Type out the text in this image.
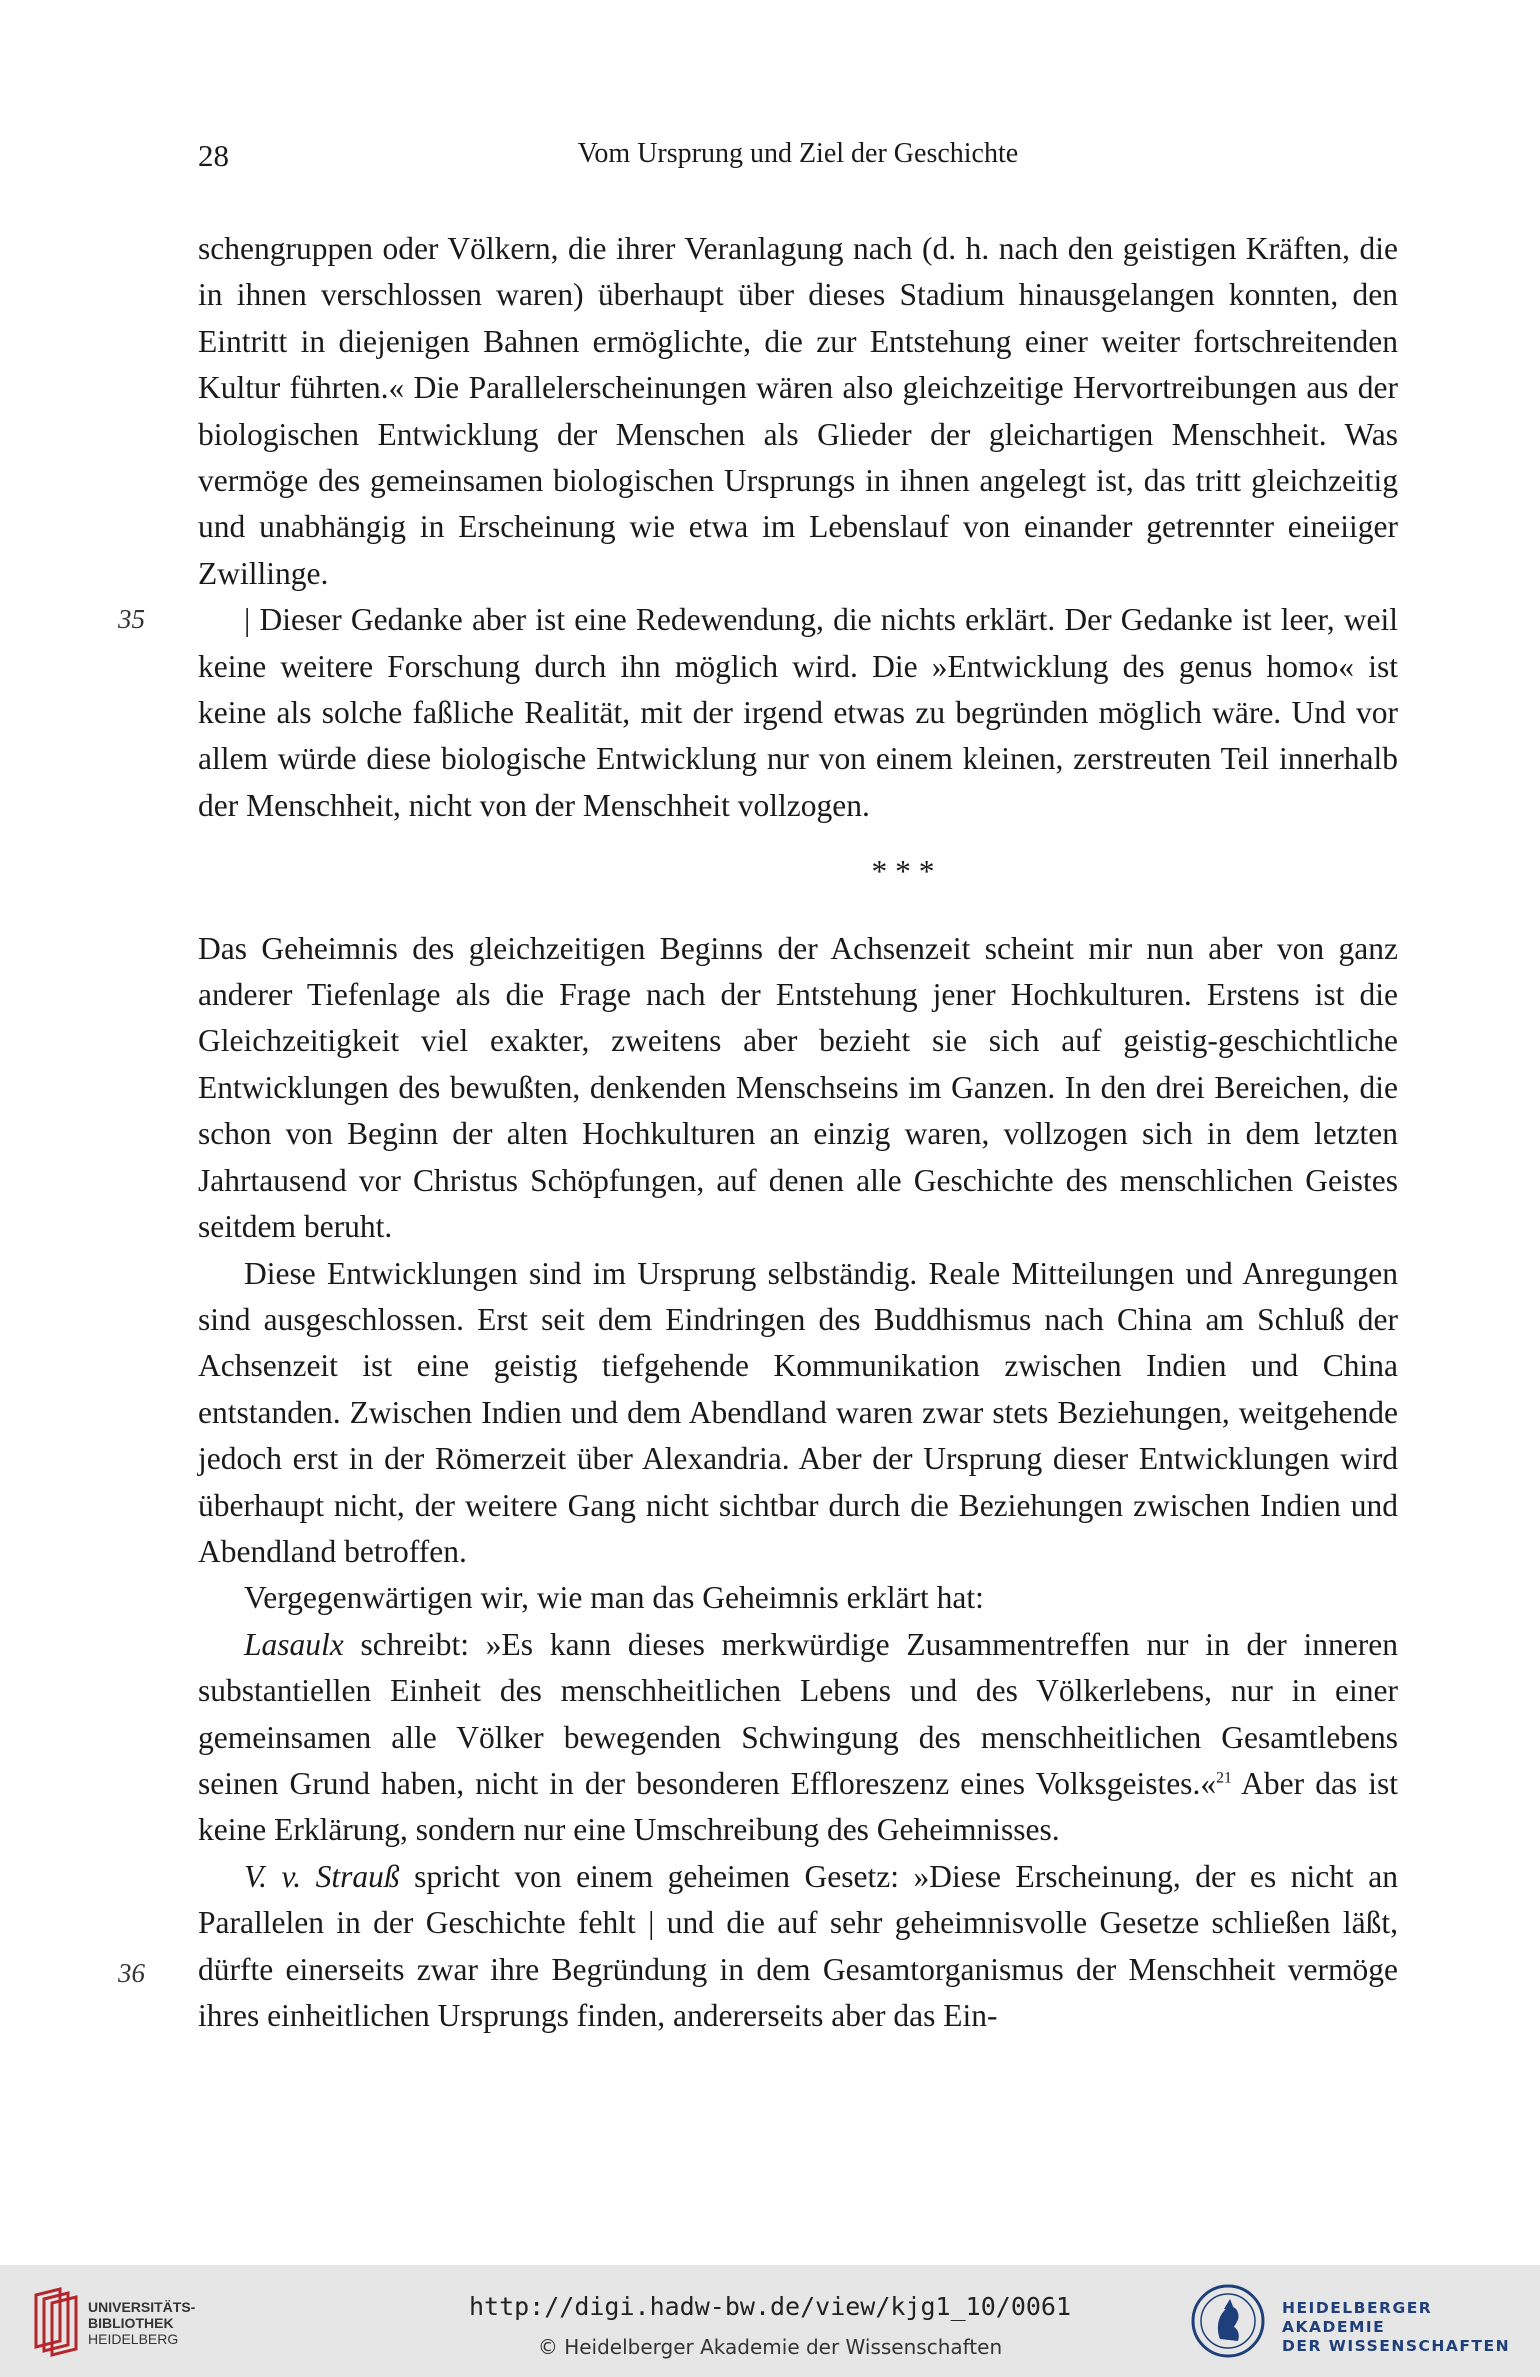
28	Vom Ursprung und Ziel der Geschichte
35
36

schengruppen oder Völkern, die ihrer Veranlagung nach (d. h. nach den geistigen Kräften, die in ihnen verschlossen waren) überhaupt über dieses Stadium hinausgelangen konnten, den Eintritt in diejenigen Bahnen ermöglichte, die zur Entstehung einer weiter fortschreitenden Kultur führten.« Die Parallelerscheinungen wären also gleichzeitige Hervortreibungen aus der biologischen Entwicklung der Menschen als Glieder der gleichartigen Menschheit. Was vermöge des gemeinsamen biologischen Ursprungs in ihnen angelegt ist, das tritt gleichzeitig und unabhängig in Erscheinung wie etwa im Lebenslauf von einander getrennter eineiiger Zwillinge.

| Dieser Gedanke aber ist eine Redewendung, die nichts erklärt. Der Gedanke ist leer, weil keine weitere Forschung durch ihn möglich wird. Die »Entwicklung des genus homo« ist keine als solche faßliche Realität, mit der irgend etwas zu begründen möglich wäre. Und vor allem würde diese biologische Entwicklung nur von einem kleinen, zerstreuten Teil innerhalb der Menschheit, nicht von der Menschheit vollzogen.

* * *

Das Geheimnis des gleichzeitigen Beginns der Achsenzeit scheint mir nun aber von ganz anderer Tiefenlage als die Frage nach der Entstehung jener Hochkulturen. Erstens ist die Gleichzeitigkeit viel exakter, zweitens aber bezieht sie sich auf geistig-geschichtliche Entwicklungen des bewußten, denkenden Menschseins im Ganzen. In den drei Bereichen, die schon von Beginn der alten Hochkulturen an einzig waren, vollzogen sich in dem letzten Jahrtausend vor Christus Schöpfungen, auf denen alle Geschichte des menschlichen Geistes seitdem beruht.

Diese Entwicklungen sind im Ursprung selbständig. Reale Mitteilungen und Anregungen sind ausgeschlossen. Erst seit dem Eindringen des Buddhismus nach China am Schluß der Achsenzeit ist eine geistig tiefgehende Kommunikation zwischen Indien und China entstanden. Zwischen Indien und dem Abendland waren zwar stets Beziehungen, weitgehende jedoch erst in der Römerzeit über Alexandria. Aber der Ursprung dieser Entwicklungen wird überhaupt nicht, der weitere Gang nicht sichtbar durch die Beziehungen zwischen Indien und Abendland betroffen.

Vergegenwärtigen wir, wie man das Geheimnis erklärt hat:

Lasaulx schreibt: »Es kann dieses merkwürdige Zusammentreffen nur in der inneren substantiellen Einheit des menschheitlichen Lebens und des Völkerlebens, nur in einer gemeinsamen alle Völker bewegenden Schwingung des menschheitlichen Gesamtlebens seinen Grund haben, nicht in der besonderen Effloreszenz eines Volksgeistes.«$^{21}$ Aber das ist keine Erklärung, sondern nur eine Umschreibung des Geheimnisses.

V. v. Strauß spricht von einem geheimen Gesetz: »Diese Erscheinung, der es nicht an Parallelen in der Geschichte fehlt | und die auf sehr geheimnisvolle Gesetze schließen läßt, dürfte einerseits zwar ihre Begründung in dem Gesamtorganismus der Menschheit vermöge ihres einheitlichen Ursprungs finden, andererseits aber das Ein-

UNIVERSITÄTS-
BIBLIOTHEK
HEIDELBERG
http://digi.hadw-bw.de/view/kjg1_10/0061
© Heidelberger Akademie der Wissenschaften
HEIDELBERGER AKADEMIE
DER WISSENSCHAFTEN
